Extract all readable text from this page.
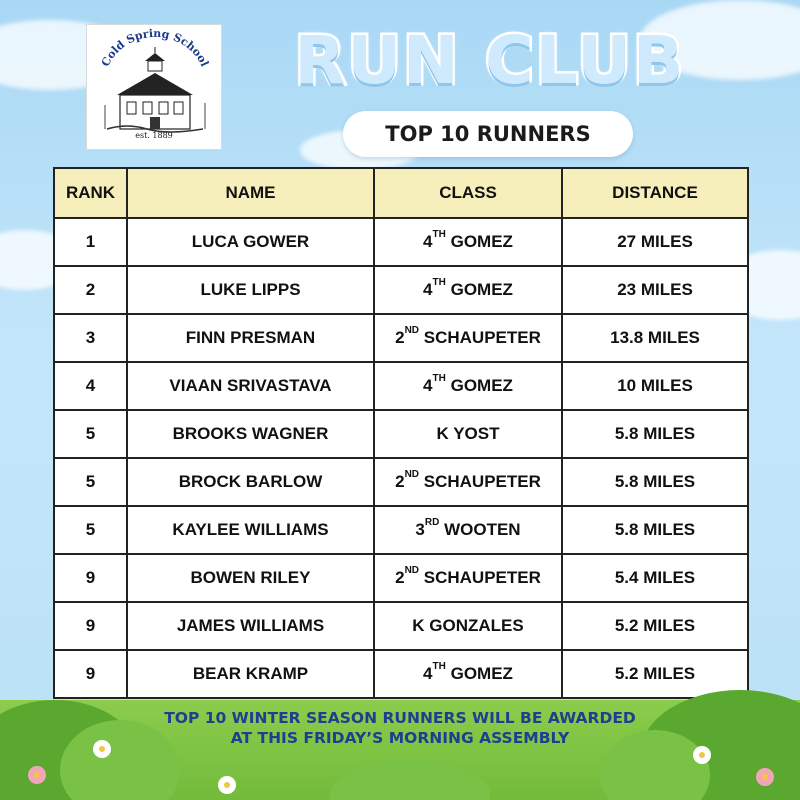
Cold Spring School
est. 1889
RUN CLUB
TOP 10 RUNNERS
RANK	NAME	CLASS	DISTANCE
1	LUCA GOWER	4TH GOMEZ	27 MILES
2	LUKE LIPPS	4TH GOMEZ	23 MILES
3	FINN PRESMAN	2ND SCHAUPETER	13.8 MILES
4	VIAAN SRIVASTAVA	4TH GOMEZ	10 MILES
5	BROOKS WAGNER	K YOST	5.8 MILES
5	BROCK BARLOW	2ND SCHAUPETER	5.8 MILES
5	KAYLEE WILLIAMS	3RD WOOTEN	5.8 MILES
9	BOWEN RILEY	2ND SCHAUPETER	5.4 MILES
9	JAMES WILLIAMS	K GONZALES	5.2 MILES
9	BEAR KRAMP	4TH GOMEZ	5.2 MILES
TOP 10 WINTER SEASON RUNNERS WILL BE AWARDED
AT THIS FRIDAY’S MORNING ASSEMBLY
